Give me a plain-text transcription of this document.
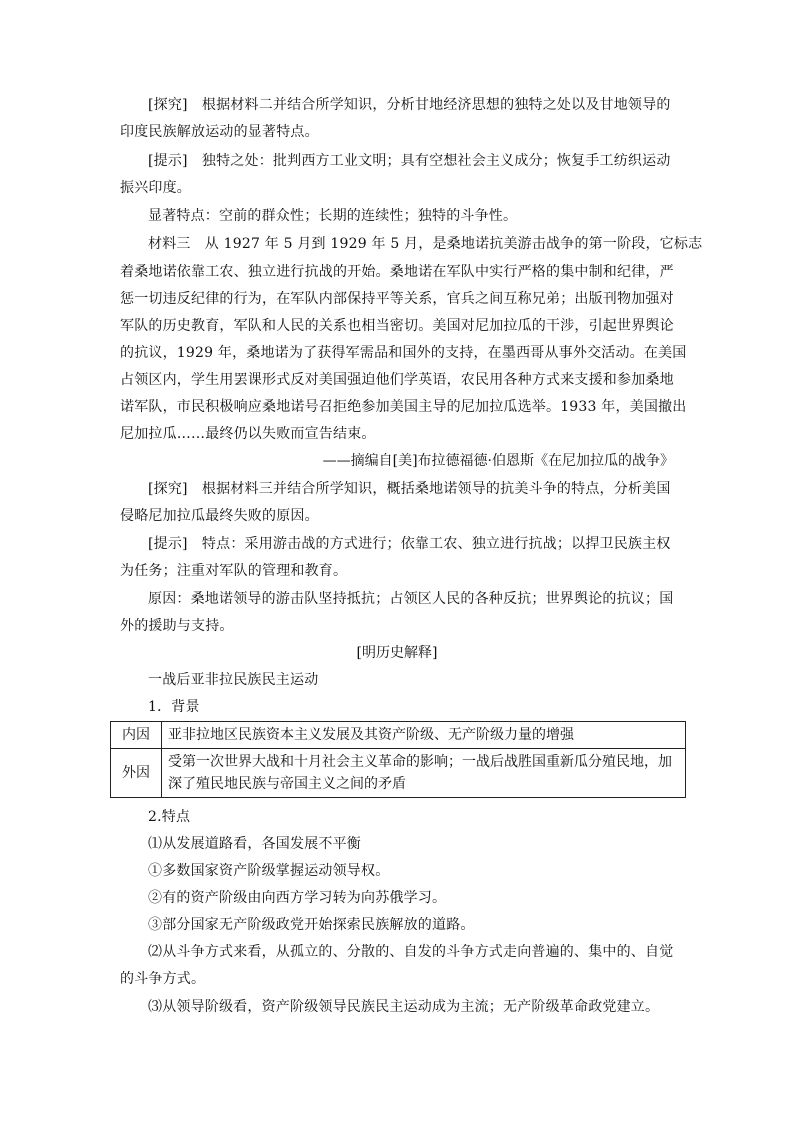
[探究]　根据材料二并结合所学知识，分析甘地经济思想的独特之处以及甘地领导的
印度民族解放运动的显著特点。
[提示]　独特之处：批判西方工业文明；具有空想社会主义成分；恢复手工纺织运动
振兴印度。
显著特点：空前的群众性；长期的连续性；独特的斗争性。
材料三　从 1927 年 5 月到 1929 年 5 月，是桑地诺抗美游击战争的第一阶段，它标志
着桑地诺依靠工农、独立进行抗战的开始。桑地诺在军队中实行严格的集中制和纪律，严
惩一切违反纪律的行为，在军队内部保持平等关系，官兵之间互称兄弟；出版刊物加强对
军队的历史教育，军队和人民的关系也相当密切。美国对尼加拉瓜的干涉，引起世界舆论
的抗议，1929 年，桑地诺为了获得军需品和国外的支持，在墨西哥从事外交活动。在美国
占领区内，学生用罢课形式反对美国强迫他们学英语，农民用各种方式来支援和参加桑地
诺军队，市民积极响应桑地诺号召拒绝参加美国主导的尼加拉瓜选举。1933 年，美国撤出
尼加拉瓜……最终仍以失败而宣告结束。
——摘编自[美]布拉德福德·伯恩斯《在尼加拉瓜的战争》
[探究]　根据材料三并结合所学知识，概括桑地诺领导的抗美斗争的特点，分析美国
侵略尼加拉瓜最终失败的原因。
[提示]　特点：采用游击战的方式进行；依靠工农、独立进行抗战；以捍卫民族主权
为任务；注重对军队的管理和教育。
原因：桑地诺领导的游击队坚持抵抗；占领区人民的各种反抗；世界舆论的抗议；国
外的援助与支持。
[明历史解释]
一战后亚非拉民族民主运动
1．背景
内因	亚非拉地区民族资本主义发展及其资产阶级、无产阶级力量的增强
外因	受第一次世界大战和十月社会主义革命的影响；一战后战胜国重新瓜分殖民地，加深了殖民地民族与帝国主义之间的矛盾
2.特点
⑴从发展道路看，各国发展不平衡
①多数国家资产阶级掌握运动领导权。
②有的资产阶级由向西方学习转为向苏俄学习。
③部分国家无产阶级政党开始探索民族解放的道路。
⑵从斗争方式来看，从孤立的、分散的、自发的斗争方式走向普遍的、集中的、自觉
的斗争方式。
⑶从领导阶级看，资产阶级领导民族民主运动成为主流；无产阶级革命政党建立。
